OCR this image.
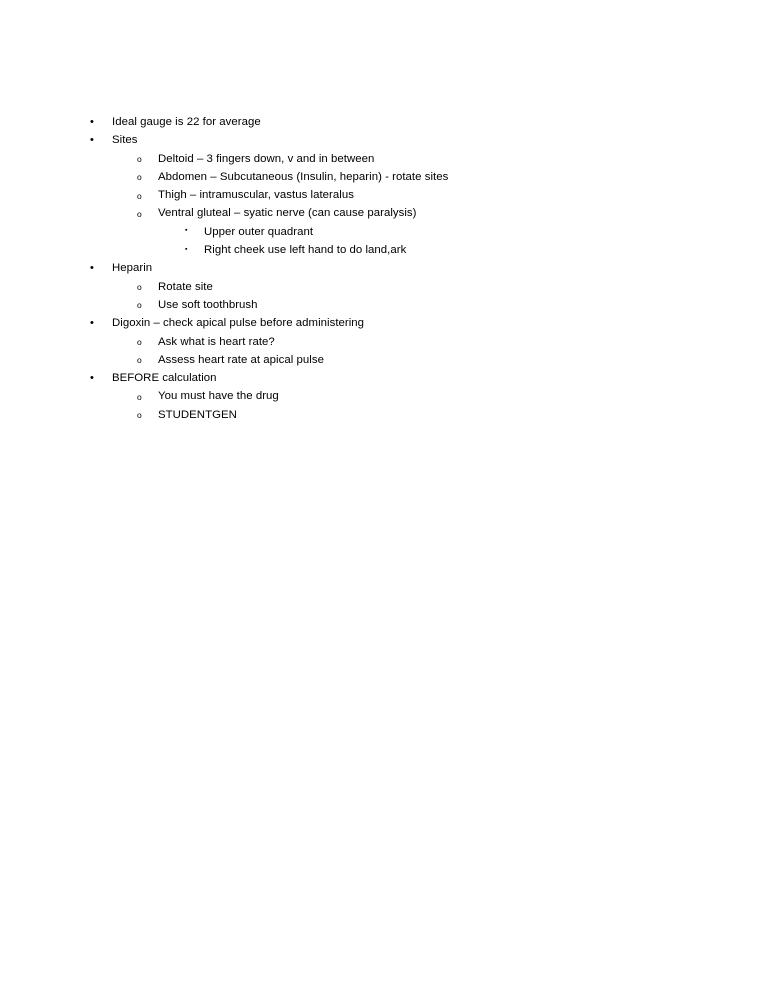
• Ideal gauge is 22 for average
• Sites
o Deltoid – 3 fingers down, v and in between
o Abdomen – Subcutaneous (Insulin, heparin) - rotate sites
o Thigh – intramuscular, vastus lateralus
o Ventral gluteal – syatic nerve (can cause paralysis)
▪ Upper outer quadrant
▪ Right cheek use left hand to do land,ark
• Heparin
o Rotate site
o Use soft toothbrush
• Digoxin – check apical pulse before administering
o Ask what is heart rate?
o Assess heart rate at apical pulse
• BEFORE calculation
o You must have the drug
o STUDENTGEN
